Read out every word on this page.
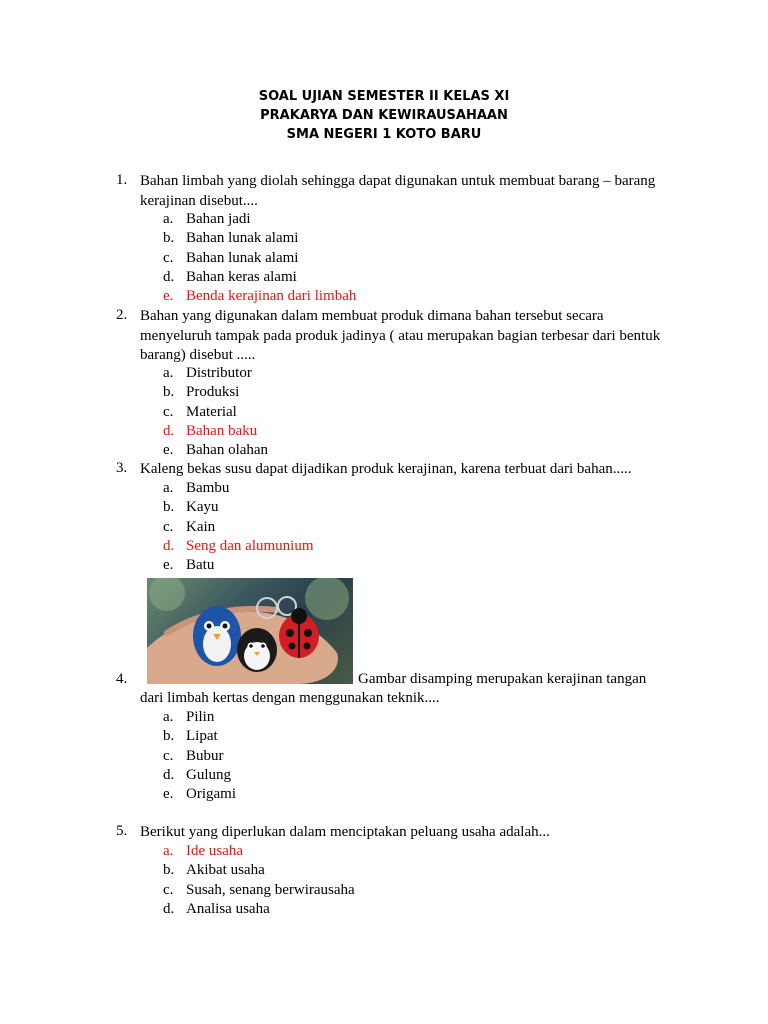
SOAL UJIAN SEMESTER II KELAS XI
PRAKARYA DAN KEWIRAUSAHAAN
SMA NEGERI 1 KOTO BARU
1. Bahan limbah yang diolah sehingga dapat digunakan untuk membuat barang – barang kerajinan disebut....
a. Bahan jadi
b. Bahan lunak alami
c. Bahan lunak alami
d. Bahan keras alami
e. Benda kerajinan dari limbah
2. Bahan yang digunakan dalam membuat produk dimana bahan tersebut secara menyeluruh tampak pada produk jadinya ( atau merupakan bagian terbesar dari bentuk barang) disebut .....
a. Distributor
b. Produksi
c. Material
d. Bahan baku
e. Bahan olahan
3. Kaleng bekas susu dapat dijadikan produk kerajinan, karena terbuat dari bahan.....
a. Bambu
b. Kayu
c. Kain
d. Seng dan alumunium
e. Batu
4.	Gambar disamping merupakan kerajinan tangan
dari limbah kertas dengan menggunakan teknik....
a. Pilin
b. Lipat
c. Bubur
d. Gulung
e. Origami
5. Berikut yang diperlukan dalam menciptakan peluang usaha adalah...
a. Ide usaha
b. Akibat usaha
c. Susah, senang berwirausaha
d. Analisa usaha
